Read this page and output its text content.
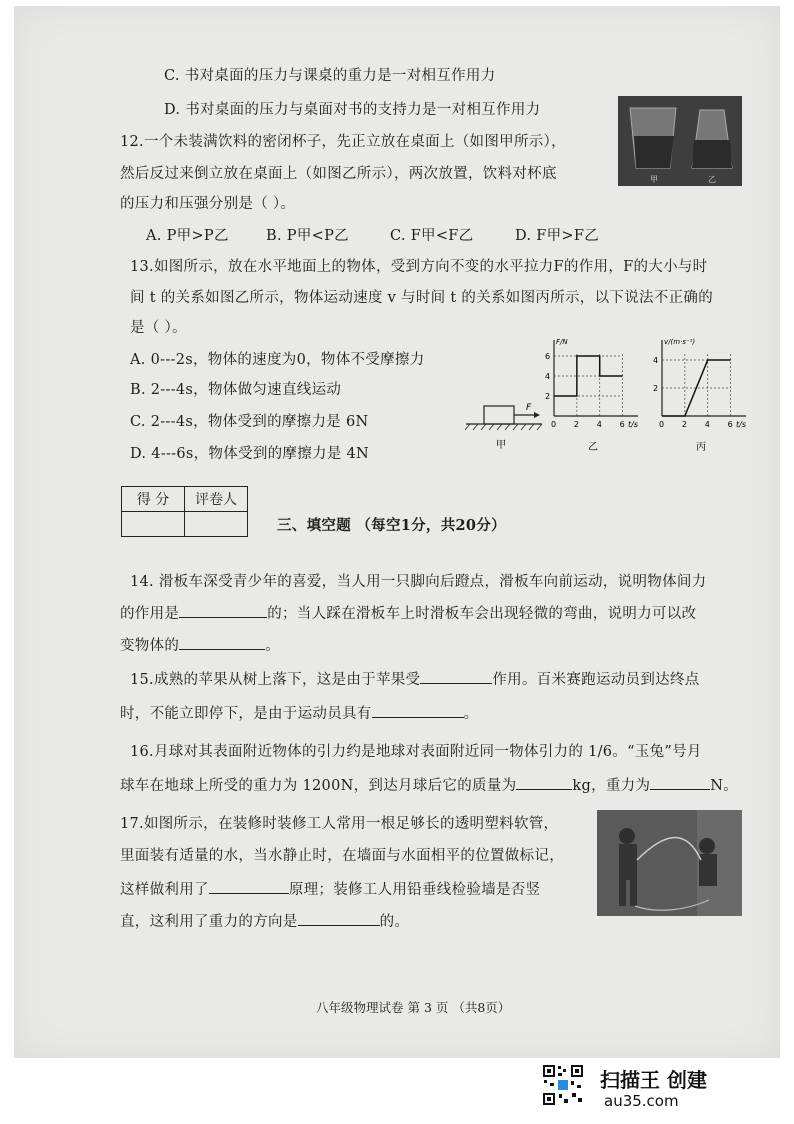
C. 书对桌面的压力与课桌的重力是一对相互作用力
D. 书对桌面的压力与桌面对书的支持力是一对相互作用力
12.一个未装满饮料的密闭杯子，先正立放在桌面上（如图甲所示），
然后反过来倒立放在桌面上（如图乙所示），两次放置，饮料对杯底
的压力和压强分别是（ ）。
A. P甲>P乙	B. P甲<P乙	C. F甲<F乙	D. F甲>F乙
甲	乙
13.如图所示，放在水平地面上的物体，受到方向不变的水平拉力F的作用，F的大小与时
间 t 的关系如图乙所示，物体运动速度 v 与时间 t 的关系如图丙所示，以下说法不正确的
是（ ）。
A. 0---2s，物体的速度为0，物体不受摩擦力
B. 2---4s，物体做匀速直线运动
C. 2---4s，物体受到的摩擦力是 6N
D. 4---6s，物体受到的摩擦力是 4N
F
甲
0 2 4 6
2
4
6
F/N
t/s
乙
0 2 4 6
2
4
v/(m·s⁻¹)
t/s
丙
得 分	评卷人

三、填空题 （每空1分，共20分）
14. 滑板车深受青少年的喜爱，当人用一只脚向后蹬点，滑板车向前运动，说明物体间力
的作用是	的；当人踩在滑板车上时滑板车会出现轻微的弯曲，说明力可以改
变物体的	。
15.成熟的苹果从树上落下，这是由于苹果受	作用。百米赛跑运动员到达终点
时，不能立即停下，是由于运动员具有	。
16.月球对其表面附近物体的引力约是地球对表面附近同一物体引力的 1/6。“玉兔”号月
球车在地球上所受的重力为 1200N，到达月球后它的质量为	kg，重力为	N。
17.如图所示，在装修时装修工人常用一根足够长的透明塑料软管，
里面装有适量的水，当水静止时，在墙面与水面相平的位置做标记，
这样做利用了	原理；装修工人用铅垂线检验墙是否竖
直，这利用了重力的方向是	的。
八年级物理试卷 第 3 页 （共8页）
扫描王 创建
au35.com
